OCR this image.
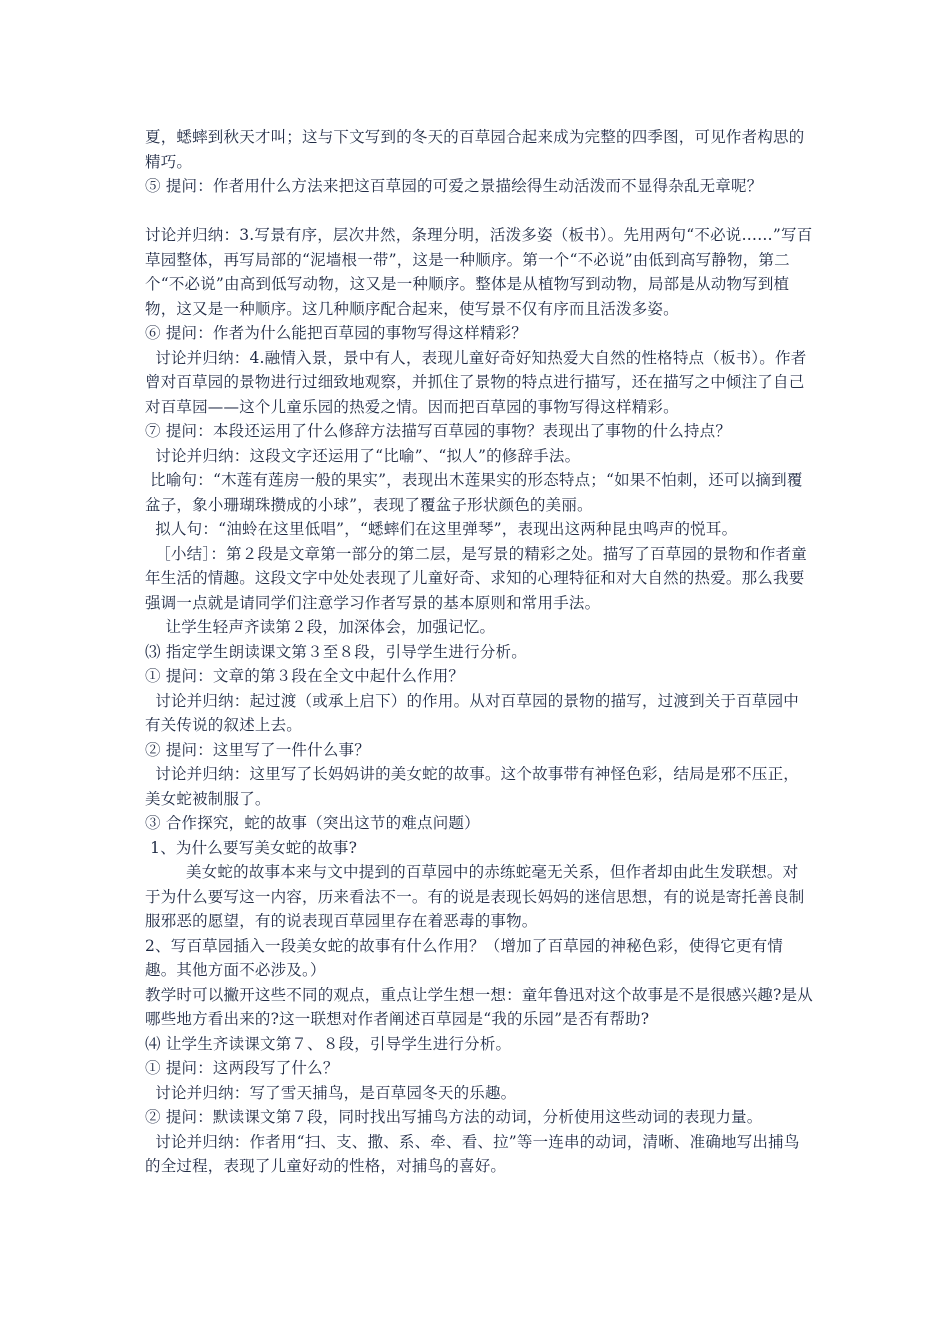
夏，蟋蟀到秋天才叫；这与下文写到的冬天的百草园合起来成为完整的四季图，可见作者构思的精巧。

⑤ 提问：作者用什么方法来把这百草园的可爱之景描绘得生动活泼而不显得杂乱无章呢？

讨论并归纳：3.写景有序，层次井然，条理分明，活泼多姿（板书）。先用两句“不必说……”写百草园整体，再写局部的“泥墙根一带”，这是一种顺序。第一个“不必说”由低到高写静物，第二个“不必说”由高到低写动物，这又是一种顺序。整体是从植物写到动物，局部是从动物写到植物，这又是一种顺序。这几种顺序配合起来，使写景不仅有序而且活泼多姿。

⑥ 提问：作者为什么能把百草园的事物写得这样精彩？

讨论并归纳：4.融情入景，景中有人，表现儿童好奇好知热爱大自然的性格特点（板书）。作者曾对百草园的景物进行过细致地观察，并抓住了景物的特点进行描写，还在描写之中倾注了自己对百草园——这个儿童乐园的热爱之情。因而把百草园的事物写得这样精彩。

⑦ 提问：本段还运用了什么修辞方法描写百草园的事物？表现出了事物的什么持点？

讨论并归纳：这段文字还运用了“比喻”、“拟人”的修辞手法。

比喻句：“木莲有莲房一般的果实”，表现出木莲果实的形态特点；“如果不怕刺，还可以摘到覆盆子，象小珊瑚珠攒成的小球”，表现了覆盆子形状颜色的美丽。

拟人句：“油蛉在这里低唱”，“蟋蟀们在这里弹琴”，表现出这两种昆虫鸣声的悦耳。

［小结］：第２段是文章第一部分的第二层，是写景的精彩之处。描写了百草园的景物和作者童年生活的情趣。这段文字中处处表现了儿童好奇、求知的心理特征和对大自然的热爱。那么我要强调一点就是请同学们注意学习作者写景的基本原则和常用手法。

让学生轻声齐读第２段，加深体会，加强记忆。

⑶ 指定学生朗读课文第３至８段，引导学生进行分析。

① 提问：文章的第３段在全文中起什么作用？

讨论并归纳：起过渡（或承上启下）的作用。从对百草园的景物的描写，过渡到关于百草园中有关传说的叙述上去。

② 提问：这里写了一件什么事？

讨论并归纳：这里写了长妈妈讲的美女蛇的故事。这个故事带有神怪色彩，结局是邪不压正，美女蛇被制服了。

③ 合作探究，蛇的故事（突出这节的难点问题）

1、为什么要写美女蛇的故事?

美女蛇的故事本来与文中提到的百草园中的赤练蛇毫无关系，但作者却由此生发联想。对于为什么要写这一内容，历来看法不一。有的说是表现长妈妈的迷信思想，有的说是寄托善良制服邪恶的愿望，有的说表现百草园里存在着恶毒的事物。

2、写百草园插入一段美女蛇的故事有什么作用？（增加了百草园的神秘色彩，使得它更有情趣。其他方面不必涉及。）

教学时可以撇开这些不同的观点，重点让学生想一想：童年鲁迅对这个故事是不是很感兴趣?是从哪些地方看出来的?这一联想对作者阐述百草园是“我的乐园”是否有帮助?

⑷ 让学生齐读课文第７、８段，引导学生进行分析。

① 提问：这两段写了什么？

讨论并归纳：写了雪天捕鸟，是百草园冬天的乐趣。

② 提问：默读课文第７段，同时找出写捕鸟方法的动词，分析使用这些动词的表现力量。

讨论并归纳：作者用“扫、支、撒、系、牵、看、拉”等一连串的动词，清晰、准确地写出捕鸟的全过程，表现了儿童好动的性格，对捕鸟的喜好。
